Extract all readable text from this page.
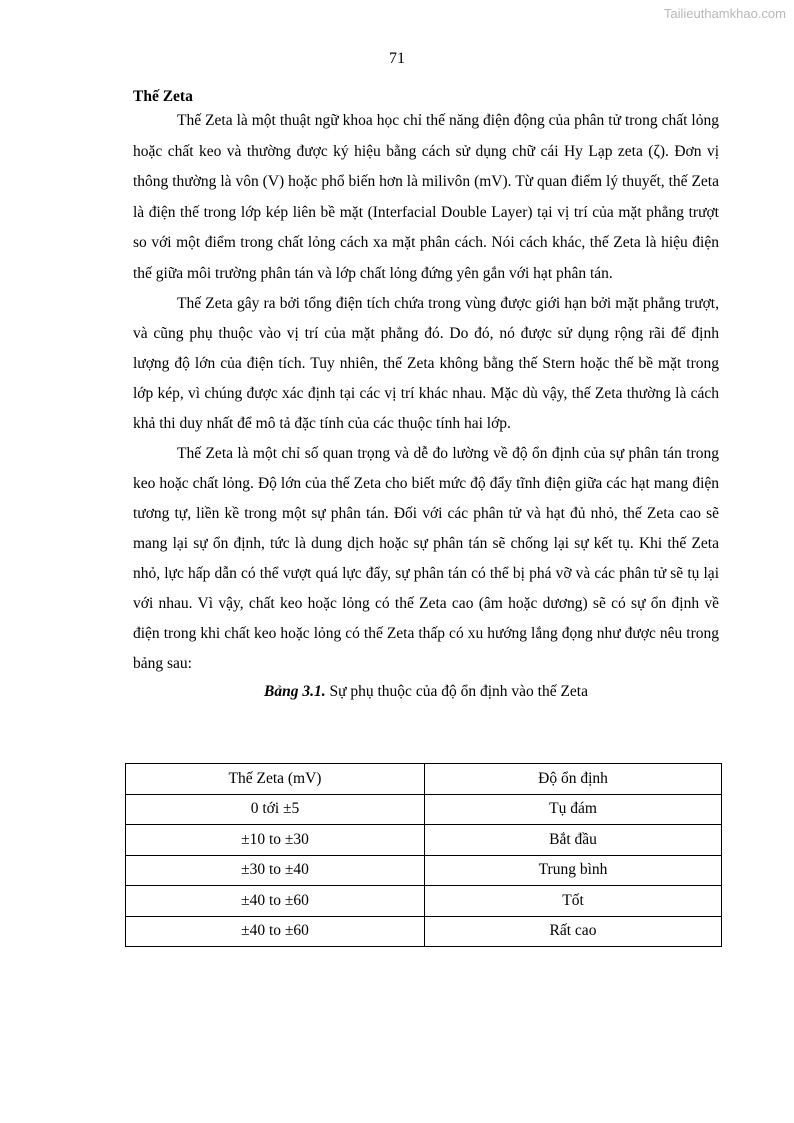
Tailieuthamkhao.com
71

Thế Zeta

Thế Zeta là một thuật ngữ khoa học chỉ thế năng điện động của phân tử trong chất lỏng hoặc chất keo và thường được ký hiệu bằng cách sử dụng chữ cái Hy Lạp zeta (ζ). Đơn vị thông thường là vôn (V) hoặc phổ biến hơn là milivôn (mV). Từ quan điểm lý thuyết, thế Zeta là điện thế trong lớp kép liên bề mặt (Interfacial Double Layer) tại vị trí của mặt phẳng trượt so với một điểm trong chất lỏng cách xa mặt phân cách. Nói cách khác, thế Zeta là hiệu điện thế giữa môi trường phân tán và lớp chất lỏng đứng yên gắn với hạt phân tán.

Thế Zeta gây ra bởi tổng điện tích chứa trong vùng được giới hạn bởi mặt phẳng trượt, và cũng phụ thuộc vào vị trí của mặt phẳng đó. Do đó, nó được sử dụng rộng rãi để định lượng độ lớn của điện tích. Tuy nhiên, thế Zeta không bằng thế Stern hoặc thế bề mặt trong lớp kép, vì chúng được xác định tại các vị trí khác nhau. Mặc dù vậy, thế Zeta thường là cách khả thi duy nhất để mô tả đặc tính của các thuộc tính hai lớp.

Thế Zeta là một chỉ số quan trọng và dễ đo lường về độ ổn định của sự phân tán trong keo hoặc chất lỏng. Độ lớn của thế Zeta cho biết mức độ đẩy tĩnh điện giữa các hạt mang điện tương tự, liền kề trong một sự phân tán. Đối với các phân tử và hạt đủ nhỏ, thế Zeta cao sẽ mang lại sự ổn định, tức là dung dịch hoặc sự phân tán sẽ chống lại sự kết tụ. Khi thế Zeta nhỏ, lực hấp dẫn có thể vượt quá lực đẩy, sự phân tán có thể bị phá vỡ và các phân tử sẽ tụ lại với nhau. Vì vậy, chất keo hoặc lỏng có thế Zeta cao (âm hoặc dương) sẽ có sự ổn định về điện trong khi chất keo hoặc lỏng có thế Zeta thấp có xu hướng lắng đọng như được nêu trong bảng sau:

Bảng 3.1. Sự phụ thuộc của độ ổn định vào thế Zeta

Thế Zeta (mV)	Độ ổn định
0 tới ±5	Tụ đám
±10 to ±30	Bắt đầu
±30 to ±40	Trung bình
±40 to ±60	Tốt
±40 to ±60	Rất cao
